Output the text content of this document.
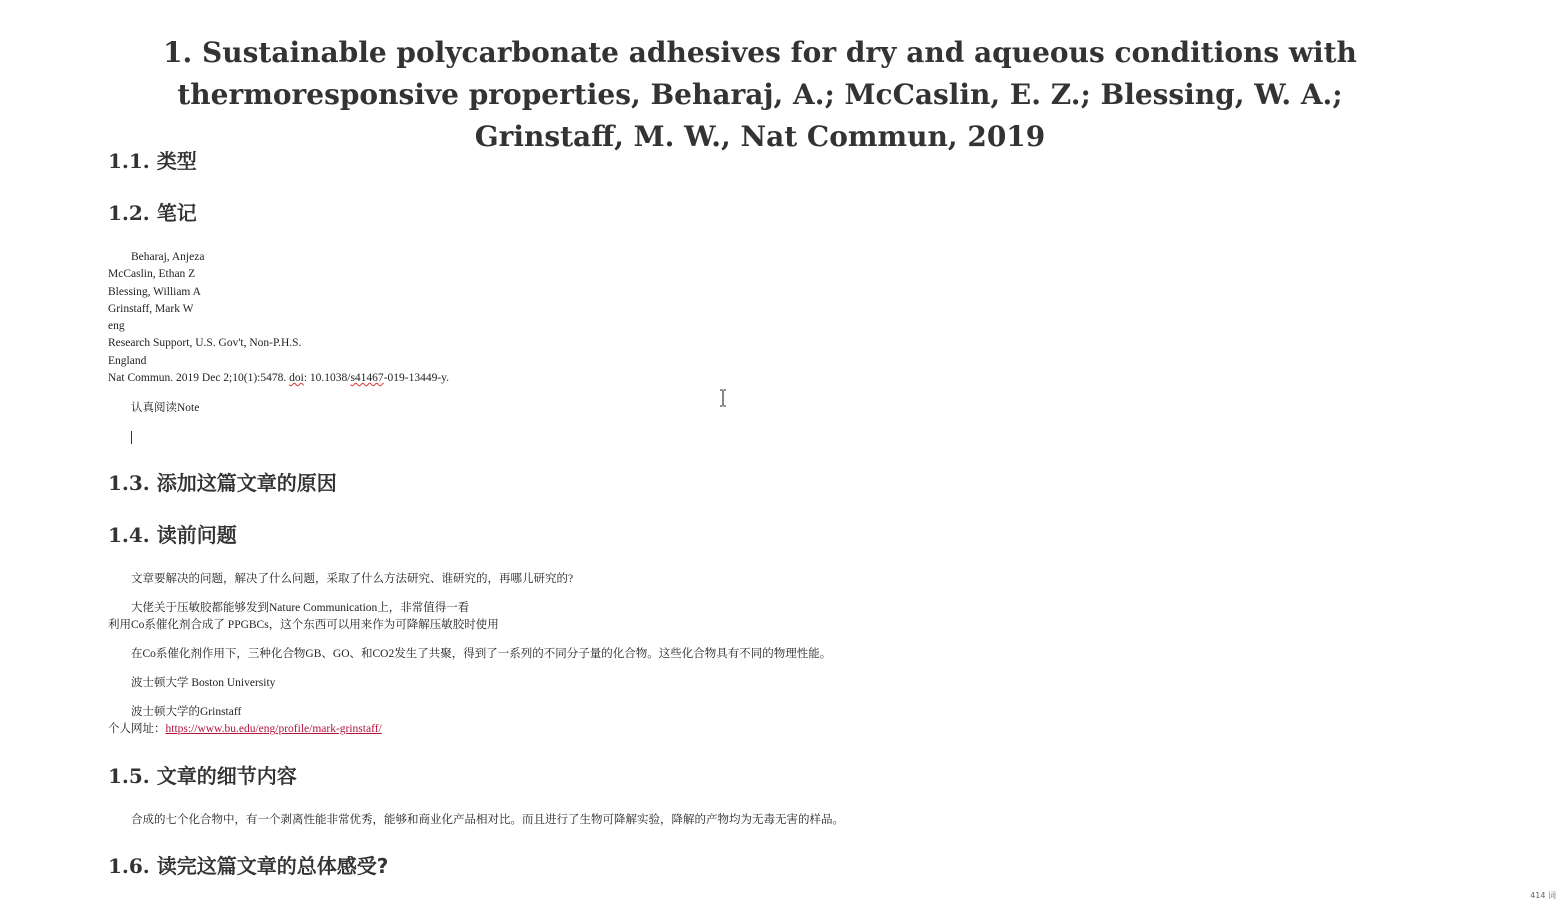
1. Sustainable polycarbonate adhesives for dry and aqueous conditions with thermoresponsive properties, Beharaj, A.; McCaslin, E. Z.; Blessing, W. A.; Grinstaff, M. W., Nat Commun, 2019
1.1. 类型
1.2. 笔记
Beharaj, Anjeza
McCaslin, Ethan Z
Blessing, William A
Grinstaff, Mark W
eng
Research Support, U.S. Gov't, Non-P.H.S.
England
Nat Commun. 2019 Dec 2;10(1):5478. doi: 10.1038/s41467-019-13449-y.
认真阅读Note
1.3. 添加这篇文章的原因
1.4. 读前问题
文章要解决的问题，解决了什么问题，采取了什么方法研究、谁研究的，再哪儿研究的?
大佬关于压敏胶都能够发到Nature Communication上，非常值得一看
利用Co系催化剂合成了 PPGBCs，这个东西可以用来作为可降解压敏胶时使用
在Co系催化剂作用下，三种化合物GB、GO、和CO2发生了共聚，得到了一系列的不同分子量的化合物。这些化合物具有不同的物理性能。
波士顿大学 Boston University
波士顿大学的Grinstaff
个人网址：https://www.bu.edu/eng/profile/mark-grinstaff/
1.5. 文章的细节内容
合成的七个化合物中，有一个剥离性能非常优秀，能够和商业化产品相对比。而且进行了生物可降解实验，降解的产物均为无毒无害的样品。
1.6. 读完这篇文章的总体感受?
414 词
